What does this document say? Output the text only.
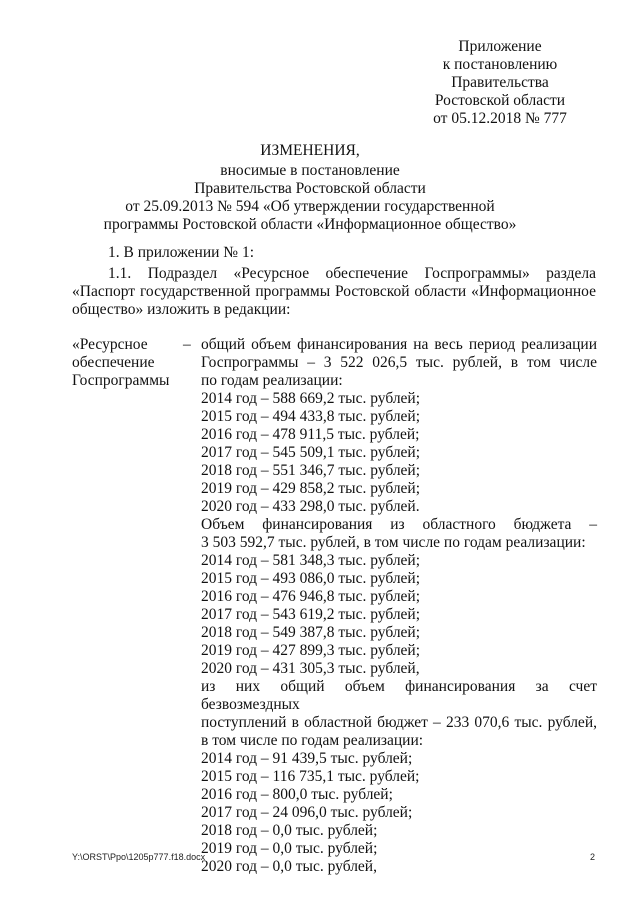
Приложение
к постановлению
Правительства
Ростовской области
от 05.12.2018 № 777
ИЗМЕНЕНИЯ,
вносимые в постановление
Правительства Ростовской области
от 25.09.2013 № 594 «Об утверждении государственной
программы Ростовской области «Информационное общество»
1. В приложении № 1:
1.1. Подраздел «Ресурсное обеспечение Госпрограммы» раздела «Паспорт государственной программы Ростовской области «Информационное общество» изложить в редакции:
«Ресурсное
обеспечение
Госпрограммы
– общий объем финансирования на весь период реализации
Госпрограммы – 3 522 026,5 тыс. рублей, в том числе
по годам реализации:
2014 год – 588 669,2 тыс. рублей;
2015 год – 494 433,8 тыс. рублей;
2016 год – 478 911,5 тыс. рублей;
2017 год – 545 509,1 тыс. рублей;
2018 год – 551 346,7 тыс. рублей;
2019 год – 429 858,2 тыс. рублей;
2020 год – 433 298,0 тыс. рублей.
Объем финансирования из областного бюджета –
3 503 592,7 тыс. рублей, в том числе по годам реализации:
2014 год – 581 348,3 тыс. рублей;
2015 год – 493 086,0 тыс. рублей;
2016 год – 476 946,8 тыс. рублей;
2017 год – 543 619,2 тыс. рублей;
2018 год – 549 387,8 тыс. рублей;
2019 год – 427 899,3 тыс. рублей;
2020 год – 431 305,3 тыс. рублей,
из них общий объем финансирования за счет безвозмездных
поступлений в областной бюджет – 233 070,6 тыс. рублей,
в том числе по годам реализации:
2014 год – 91 439,5 тыс. рублей;
2015 год – 116 735,1 тыс. рублей;
2016 год – 800,0 тыс. рублей;
2017 год – 24 096,0 тыс. рублей;
2018 год – 0,0 тыс. рублей;
2019 год – 0,0 тыс. рублей;
2020 год – 0,0 тыс. рублей,
Y:\ORST\Ppo\1205p777.f18.docx	2
